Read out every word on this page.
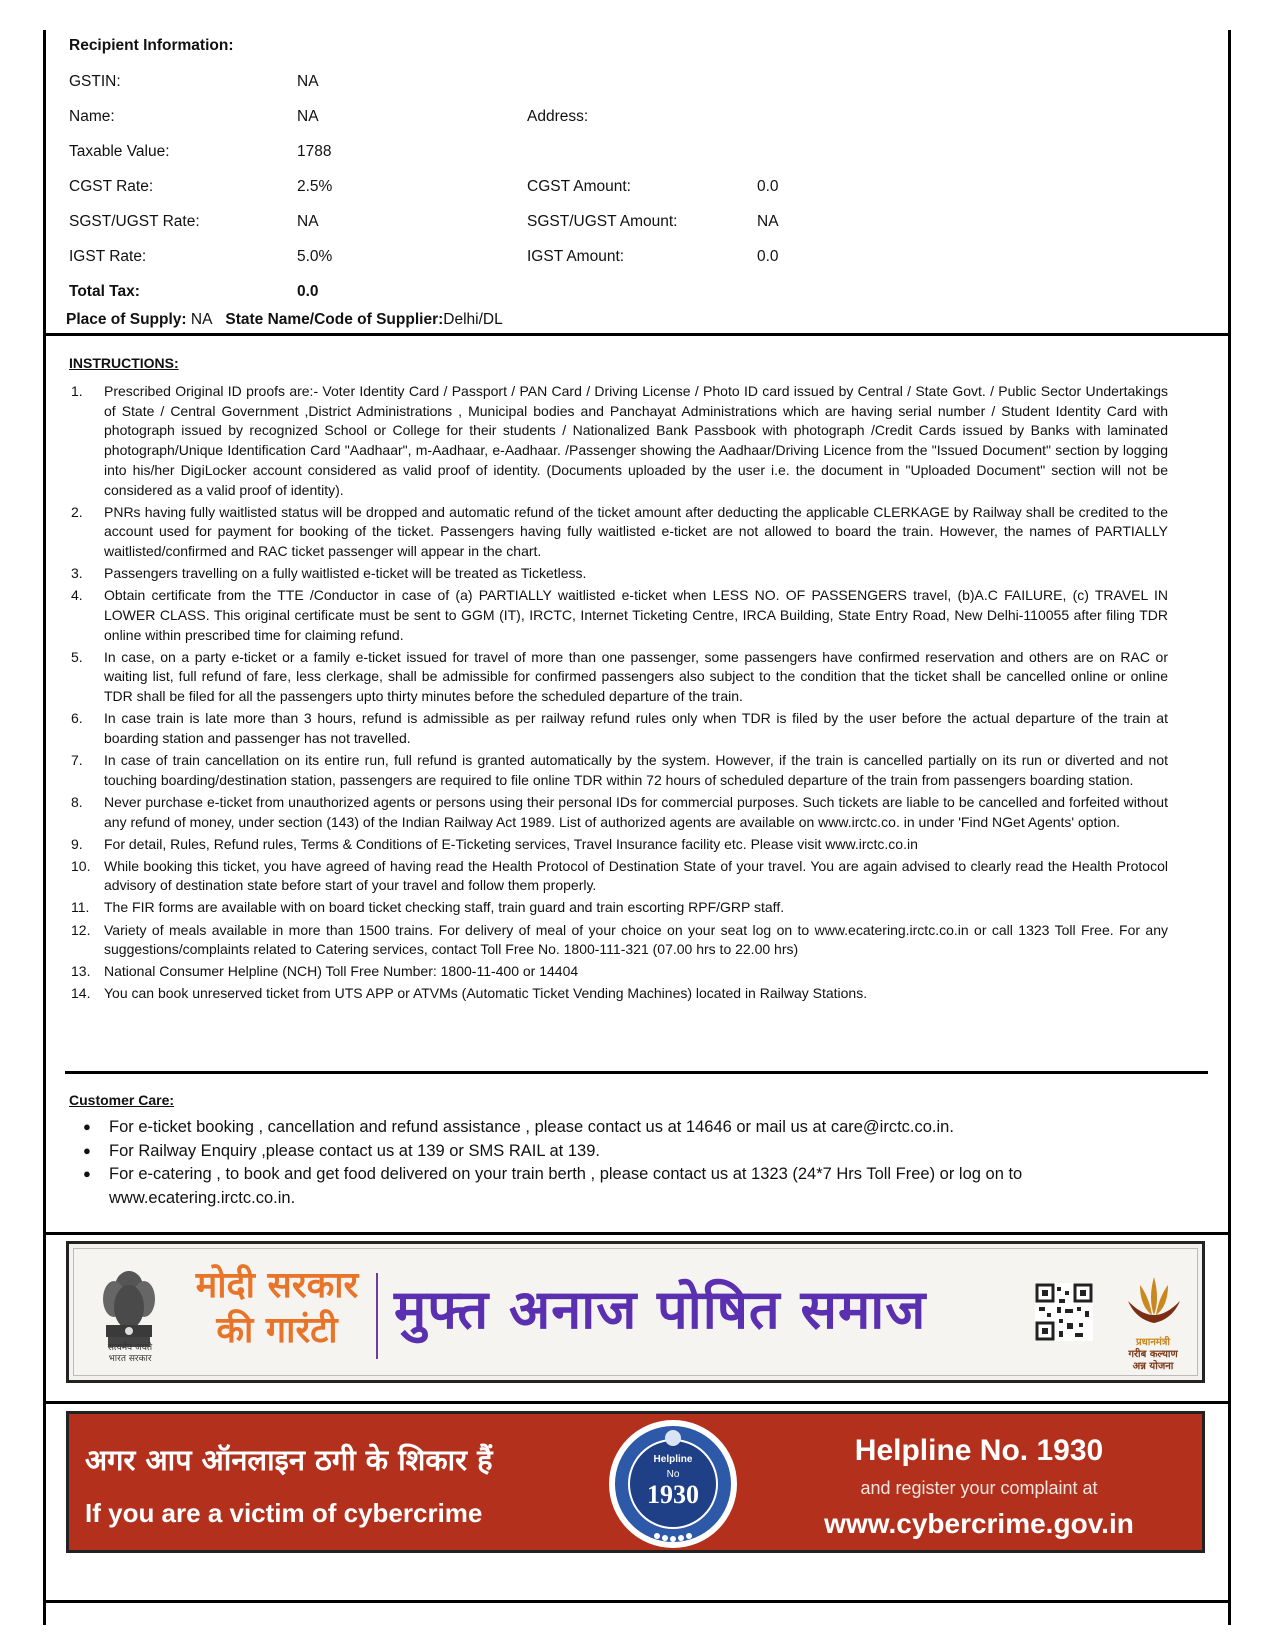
Recipient Information:
GSTIN:	NA
Name:	NA	Address:
Taxable Value:	1788
CGST Rate:	2.5%	CGST Amount:	0.0
SGST/UGST Rate:	NA	SGST/UGST Amount:	NA
IGST Rate:	5.0%	IGST Amount:	0.0
Total Tax:	0.0
Place of Supply: NA State Name/Code of Supplier:Delhi/DL
INSTRUCTIONS:
1. Prescribed Original ID proofs are:- Voter Identity Card / Passport / PAN Card / Driving License / Photo ID card issued by Central / State Govt. / Public Sector Undertakings of State / Central Government ,District Administrations , Municipal bodies and Panchayat Administrations which are having serial number / Student Identity Card with photograph issued by recognized School or College for their students / Nationalized Bank Passbook with photograph /Credit Cards issued by Banks with laminated photograph/Unique Identification Card "Aadhaar", m-Aadhaar, e-Aadhaar. /Passenger showing the Aadhaar/Driving Licence from the "Issued Document" section by logging into his/her DigiLocker account considered as valid proof of identity. (Documents uploaded by the user i.e. the document in "Uploaded Document" section will not be considered as a valid proof of identity).
2. PNRs having fully waitlisted status will be dropped and automatic refund of the ticket amount after deducting the applicable CLERKAGE by Railway shall be credited to the account used for payment for booking of the ticket. Passengers having fully waitlisted e-ticket are not allowed to board the train. However, the names of PARTIALLY waitlisted/confirmed and RAC ticket passenger will appear in the chart.
3. Passengers travelling on a fully waitlisted e-ticket will be treated as Ticketless.
4. Obtain certificate from the TTE /Conductor in case of (a) PARTIALLY waitlisted e-ticket when LESS NO. OF PASSENGERS travel, (b)A.C FAILURE, (c) TRAVEL IN LOWER CLASS. This original certificate must be sent to GGM (IT), IRCTC, Internet Ticketing Centre, IRCA Building, State Entry Road, New Delhi-110055 after filing TDR online within prescribed time for claiming refund.
5. In case, on a party e-ticket or a family e-ticket issued for travel of more than one passenger, some passengers have confirmed reservation and others are on RAC or waiting list, full refund of fare, less clerkage, shall be admissible for confirmed passengers also subject to the condition that the ticket shall be cancelled online or online TDR shall be filed for all the passengers upto thirty minutes before the scheduled departure of the train.
6. In case train is late more than 3 hours, refund is admissible as per railway refund rules only when TDR is filed by the user before the actual departure of the train at boarding station and passenger has not travelled.
7. In case of train cancellation on its entire run, full refund is granted automatically by the system. However, if the train is cancelled partially on its run or diverted and not touching boarding/destination station, passengers are required to file online TDR within 72 hours of scheduled departure of the train from passengers boarding station.
8. Never purchase e-ticket from unauthorized agents or persons using their personal IDs for commercial purposes. Such tickets are liable to be cancelled and forfeited without any refund of money, under section (143) of the Indian Railway Act 1989. List of authorized agents are available on www.irctc.co. in under 'Find NGet Agents' option.
9. For detail, Rules, Refund rules, Terms & Conditions of E-Ticketing services, Travel Insurance facility etc. Please visit www.irctc.co.in
10. While booking this ticket, you have agreed of having read the Health Protocol of Destination State of your travel. You are again advised to clearly read the Health Protocol advisory of destination state before start of your travel and follow them properly.
11. The FIR forms are available with on board ticket checking staff, train guard and train escorting RPF/GRP staff.
12. Variety of meals available in more than 1500 trains. For delivery of meal of your choice on your seat log on to www.ecatering.irctc.co.in or call 1323 Toll Free. For any suggestions/complaints related to Catering services, contact Toll Free No. 1800-111-321 (07.00 hrs to 22.00 hrs)
13. National Consumer Helpline (NCH) Toll Free Number: 1800-11-400 or 14404
14. You can book unreserved ticket from UTS APP or ATVMs (Automatic Ticket Vending Machines) located in Railway Stations.
Customer Care:
● For e-ticket booking , cancellation and refund assistance , please contact us at 14646 or mail us at care@irctc.co.in.
● For Railway Enquiry ,please contact us at 139 or SMS RAIL at 139.
● For e-catering , to book and get food delivered on your train berth , please contact us at 1323 (24*7 Hrs Toll Free) or log on to www.ecatering.irctc.co.in.
सत्यमेव जयते
भारत सरकार
मोदी सरकार
की गारंटी	मुफ्त अनाज पोषित समाज
प्रधानमंत्री
गरीब कल्याण
अन्न योजना
अगर आप ऑनलाइन ठगी के शिकार हैं
If you are a victim of cybercrime
Helpline
No
1930
Helpline No. 1930
and register your complaint at
www.cybercrime.gov.in
